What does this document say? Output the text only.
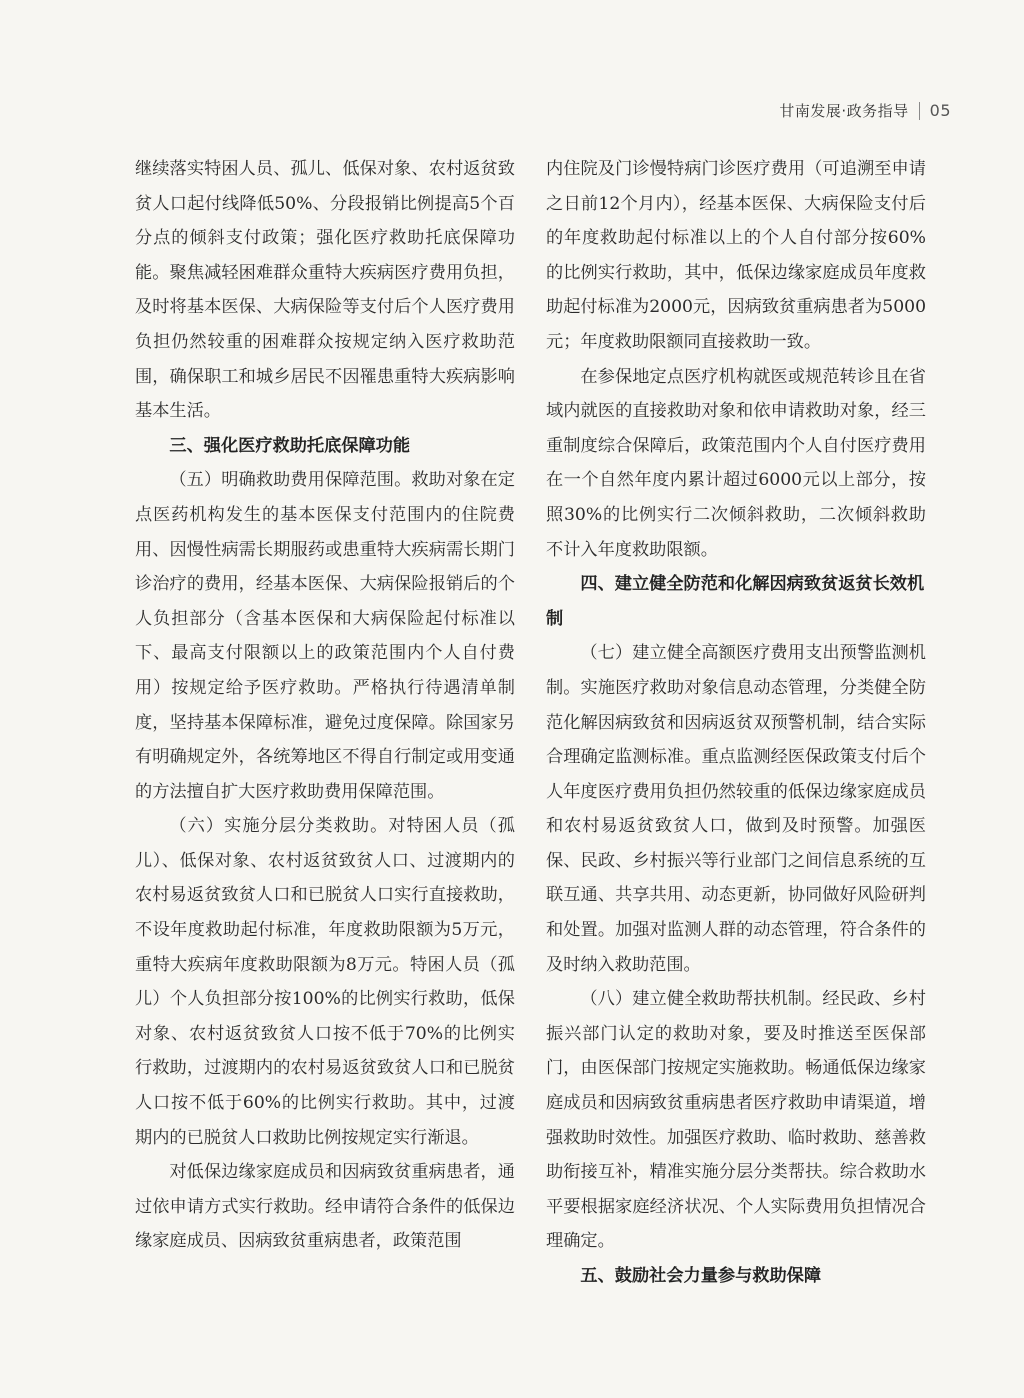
甘南发展·政务指导 05

继续落实特困人员、孤儿、低保对象、农村返贫致贫人口起付线降低50%、分段报销比例提高5个百分点的倾斜支付政策；强化医疗救助托底保障功能。聚焦减轻困难群众重特大疾病医疗费用负担，及时将基本医保、大病保险等支付后个人医疗费用负担仍然较重的困难群众按规定纳入医疗救助范围，确保职工和城乡居民不因罹患重特大疾病影响基本生活。

三、强化医疗救助托底保障功能

（五）明确救助费用保障范围。救助对象在定点医药机构发生的基本医保支付范围内的住院费用、因慢性病需长期服药或患重特大疾病需长期门诊治疗的费用，经基本医保、大病保险报销后的个人负担部分（含基本医保和大病保险起付标准以下、最高支付限额以上的政策范围内个人自付费用）按规定给予医疗救助。严格执行待遇清单制度，坚持基本保障标准，避免过度保障。除国家另有明确规定外，各统筹地区不得自行制定或用变通的方法擅自扩大医疗救助费用保障范围。

（六）实施分层分类救助。对特困人员（孤儿）、低保对象、农村返贫致贫人口、过渡期内的农村易返贫致贫人口和已脱贫人口实行直接救助，不设年度救助起付标准，年度救助限额为5万元，重特大疾病年度救助限额为8万元。特困人员（孤儿）个人负担部分按100%的比例实行救助，低保对象、农村返贫致贫人口按不低于70%的比例实行救助，过渡期内的农村易返贫致贫人口和已脱贫人口按不低于60%的比例实行救助。其中，过渡期内的已脱贫人口救助比例按规定实行渐退。

对低保边缘家庭成员和因病致贫重病患者，通过依申请方式实行救助。经申请符合条件的低保边缘家庭成员、因病致贫重病患者，政策范围

内住院及门诊慢特病门诊医疗费用（可追溯至申请之日前12个月内），经基本医保、大病保险支付后的年度救助起付标准以上的个人自付部分按60%的比例实行救助，其中，低保边缘家庭成员年度救助起付标准为2000元，因病致贫重病患者为5000元；年度救助限额同直接救助一致。

在参保地定点医疗机构就医或规范转诊且在省域内就医的直接救助对象和依申请救助对象，经三重制度综合保障后，政策范围内个人自付医疗费用在一个自然年度内累计超过6000元以上部分，按照30%的比例实行二次倾斜救助，二次倾斜救助不计入年度救助限额。

四、建立健全防范和化解因病致贫返贫长效机制

（七）建立健全高额医疗费用支出预警监测机制。实施医疗救助对象信息动态管理，分类健全防范化解因病致贫和因病返贫双预警机制，结合实际合理确定监测标准。重点监测经医保政策支付后个人年度医疗费用负担仍然较重的低保边缘家庭成员和农村易返贫致贫人口，做到及时预警。加强医保、民政、乡村振兴等行业部门之间信息系统的互联互通、共享共用、动态更新，协同做好风险研判和处置。加强对监测人群的动态管理，符合条件的及时纳入救助范围。

（八）建立健全救助帮扶机制。经民政、乡村振兴部门认定的救助对象，要及时推送至医保部门，由医保部门按规定实施救助。畅通低保边缘家庭成员和因病致贫重病患者医疗救助申请渠道，增强救助时效性。加强医疗救助、临时救助、慈善救助衔接互补，精准实施分层分类帮扶。综合救助水平要根据家庭经济状况、个人实际费用负担情况合理确定。

五、鼓励社会力量参与救助保障
